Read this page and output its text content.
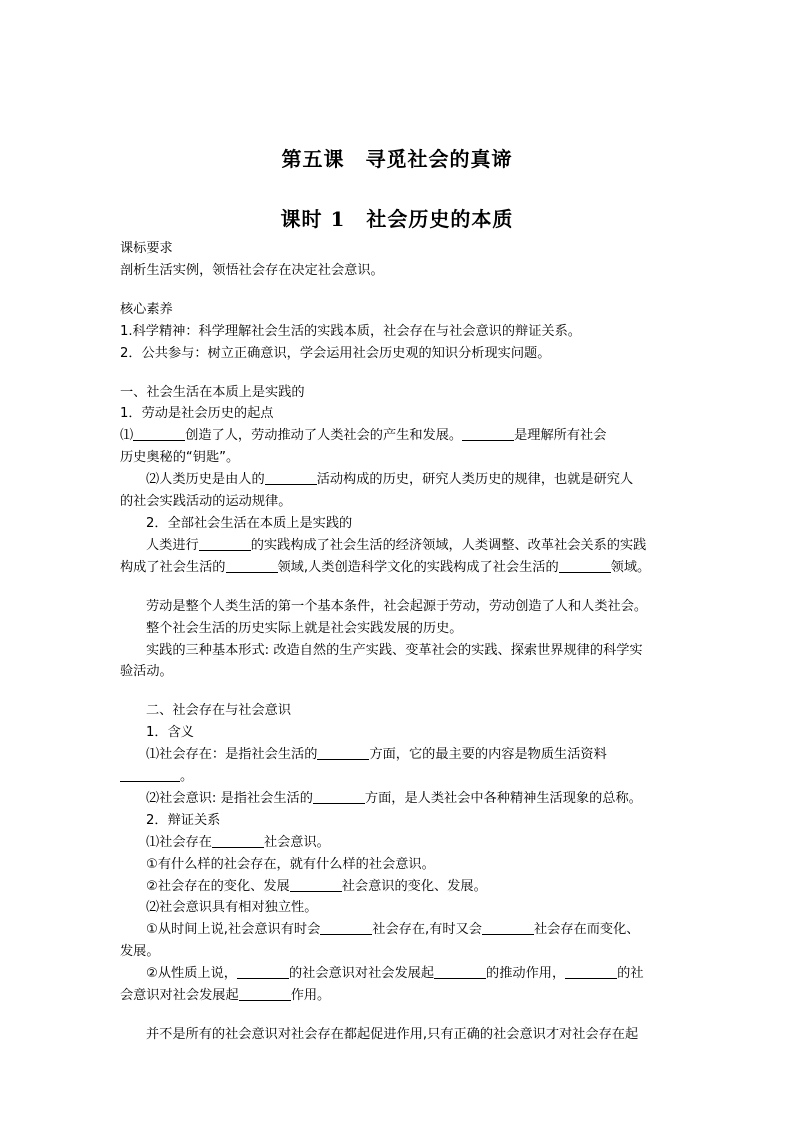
第五课　寻觅社会的真谛
课时 1　社会历史的本质

课标要求

剖析生活实例，领悟社会存在决定社会意识。

核心素养

1.科学精神：科学理解社会生活的实践本质，社会存在与社会意识的辩证关系。

2．公共参与：树立正确意识，学会运用社会历史观的知识分析现实问题。

一、社会生活在本质上是实践的

1．劳动是社会历史的起点

⑴	创造了人，劳动推动了人类社会的产生和发展。	是理解所有社会

历史奥秘的“钥匙”。

⑵人类历史是由人的	活动构成的历史，研究人类历史的规律，也就是研究人

的社会实践活动的运动规律。

2．全部社会生活在本质上是实践的

人类进行	的实践构成了社会生活的经济领域，人类调整、改革社会关系的实践

构成了社会生活的	领域,人类创造科学文化的实践构成了社会生活的	领域。

劳动是整个人类生活的第一个基本条件，社会起源于劳动，劳动创造了人和人类社会。

整个社会生活的历史实际上就是社会实践发展的历史。

实践的三种基本形式: 改造自然的生产实践、变革社会的实践、探索世界规律的科学实

验活动。

二、社会存在与社会意识

1．含义

⑴社会存在：是指社会生活的	方面，它的最主要的内容是物质生活资料

。

⑵社会意识: 是指社会生活的	方面，是人类社会中各种精神生活现象的总称。

2．辩证关系

⑴社会存在	社会意识。

①有什么样的社会存在，就有什么样的社会意识。

②社会存在的变化、发展	社会意识的变化、发展。

⑵社会意识具有相对独立性。

①从时间上说,社会意识有时会	社会存在,有时又会	社会存在而变化、

发展。

②从性质上说，	的社会意识对社会发展起	的推动作用，	的社

会意识对社会发展起	作用。

并不是所有的社会意识对社会存在都起促进作用,只有正确的社会意识才对社会存在起
